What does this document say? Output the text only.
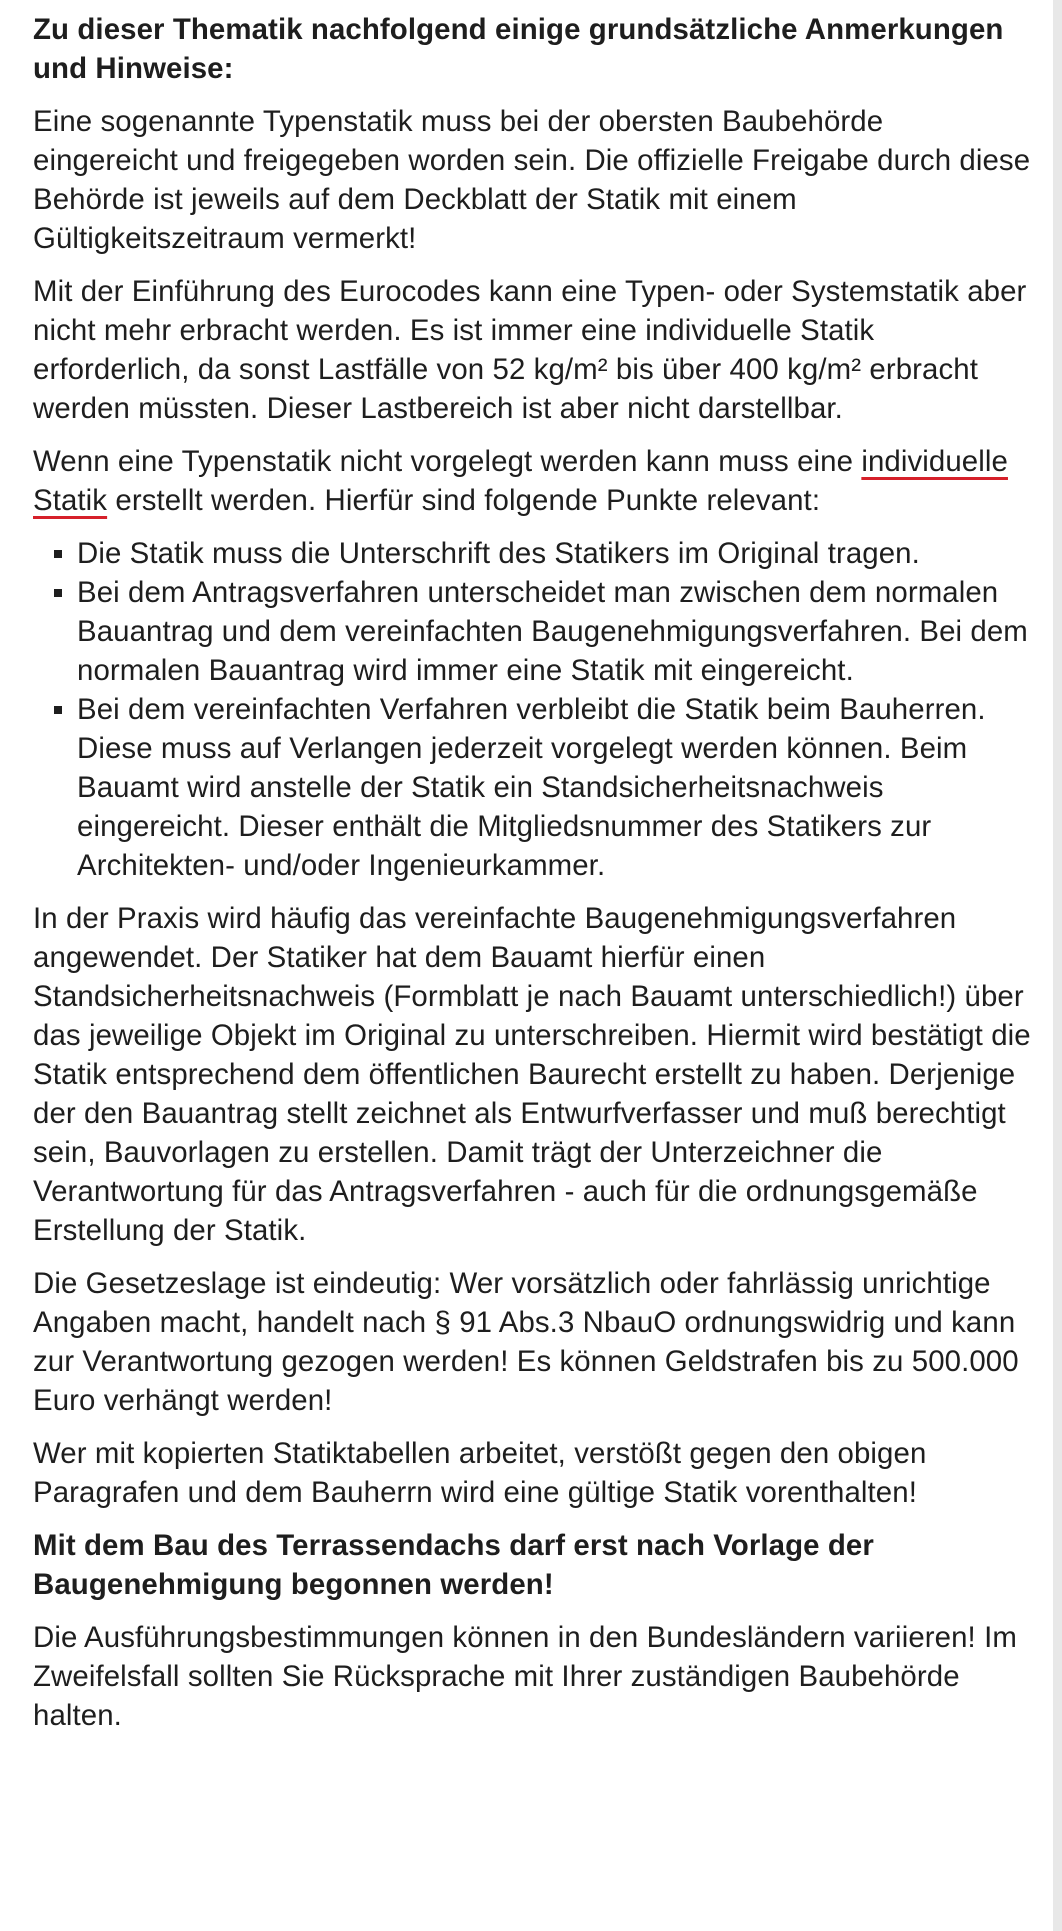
Zu dieser Thematik nachfolgend einige grundsätzliche Anmerkungen und Hinweise:

Eine sogenannte Typenstatik muss bei der obersten Baubehörde eingereicht und freigegeben worden sein. Die offizielle Freigabe durch diese Behörde ist jeweils auf dem Deckblatt der Statik mit einem Gültigkeitszeitraum vermerkt!

Mit der Einführung des Eurocodes kann eine Typen- oder Systemstatik aber nicht mehr erbracht werden. Es ist immer eine individuelle Statik erforderlich, da sonst Lastfälle von 52 kg/m² bis über 400 kg/m² erbracht werden müssten. Dieser Lastbereich ist aber nicht darstellbar.

Wenn eine Typenstatik nicht vorgelegt werden kann muss eine individuelle Statik erstellt werden. Hierfür sind folgende Punkte relevant:

Die Statik muss die Unterschrift des Statikers im Original tragen.
Bei dem Antragsverfahren unterscheidet man zwischen dem normalen Bauantrag und dem vereinfachten Baugenehmigungsverfahren. Bei dem normalen Bauantrag wird immer eine Statik mit eingereicht.
Bei dem vereinfachten Verfahren verbleibt die Statik beim Bauherren. Diese muss auf Verlangen jederzeit vorgelegt werden können. Beim Bauamt wird anstelle der Statik ein Standsicherheitsnachweis eingereicht. Dieser enthält die Mitgliedsnummer des Statikers zur Architekten- und/oder Ingenieurkammer.

In der Praxis wird häufig das vereinfachte Baugenehmigungsverfahren angewendet. Der Statiker hat dem Bauamt hierfür einen Standsicherheitsnachweis (Formblatt je nach Bauamt unterschiedlich!) über das jeweilige Objekt im Original zu unterschreiben. Hiermit wird bestätigt die Statik entsprechend dem öffentlichen Baurecht erstellt zu haben. Derjenige der den Bauantrag stellt zeichnet als Entwurfverfasser und muß berechtigt sein, Bauvorlagen zu erstellen. Damit trägt der Unterzeichner die Verantwortung für das Antragsverfahren - auch für die ordnungsgemäße Erstellung der Statik.

Die Gesetzeslage ist eindeutig: Wer vorsätzlich oder fahrlässig unrichtige Angaben macht, handelt nach § 91 Abs.3 NbauO ordnungswidrig und kann zur Verantwortung gezogen werden! Es können Geldstrafen bis zu 500.000 Euro verhängt werden!

Wer mit kopierten Statiktabellen arbeitet, verstößt gegen den obigen Paragrafen und dem Bauherrn wird eine gültige Statik vorenthalten!

Mit dem Bau des Terrassendachs darf erst nach Vorlage der Baugenehmigung begonnen werden!

Die Ausführungsbestimmungen können in den Bundesländern variieren! Im Zweifelsfall sollten Sie Rücksprache mit Ihrer zuständigen Baubehörde halten.
